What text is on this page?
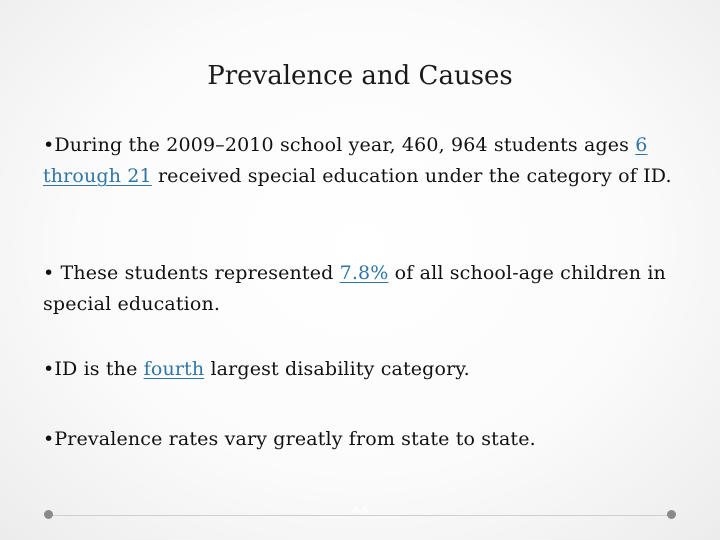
Prevalence and Causes

•During the 2009–2010 school year, 460, 964 students ages 6 through 21 received special education under the category of ID.

• These students represented 7.8% of all school-age children in special education.

•ID is the fourth largest disability category.

•Prevalence rates vary greatly from state to state.

4-8
